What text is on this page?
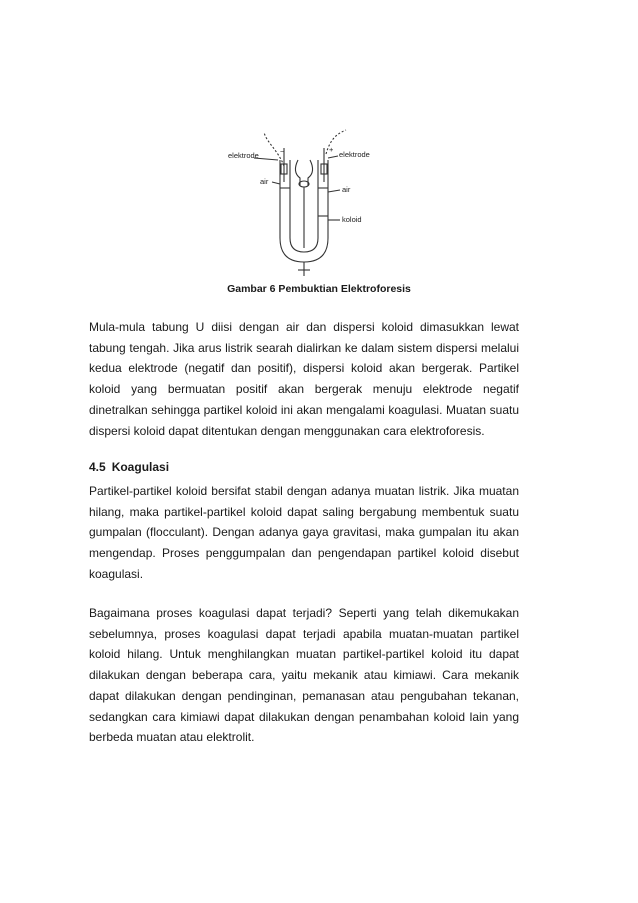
elektrode	elektrode
−	+
air
air
koloid
Gambar 6 Pembuktian Elektroforesis

Mula-mula tabung U diisi dengan air dan dispersi koloid dimasukkan lewat tabung tengah. Jika arus listrik searah dialirkan ke dalam sistem dispersi melalui kedua elektrode (negatif dan positif), dispersi koloid akan bergerak. Partikel koloid yang bermuatan positif akan bergerak menuju elektrode negatif dinetralkan sehingga partikel koloid ini akan mengalami koagulasi. Muatan suatu dispersi koloid dapat ditentukan dengan menggunakan cara elektroforesis.

4.5 Koagulasi

Partikel-partikel koloid bersifat stabil dengan adanya muatan listrik. Jika muatan hilang, maka partikel-partikel koloid dapat saling bergabung membentuk suatu gumpalan (flocculant). Dengan adanya gaya gravitasi, maka gumpalan itu akan mengendap. Proses penggumpalan dan pengendapan partikel koloid disebut koagulasi.

Bagaimana proses koagulasi dapat terjadi? Seperti yang telah dikemukakan sebelumnya, proses koagulasi dapat terjadi apabila muatan-muatan partikel koloid hilang. Untuk menghilangkan muatan partikel-partikel koloid itu dapat dilakukan dengan beberapa cara, yaitu mekanik atau kimiawi. Cara mekanik dapat dilakukan dengan pendinginan, pemanasan atau pengubahan tekanan, sedangkan cara kimiawi dapat dilakukan dengan penambahan koloid lain yang berbeda muatan atau elektrolit.
